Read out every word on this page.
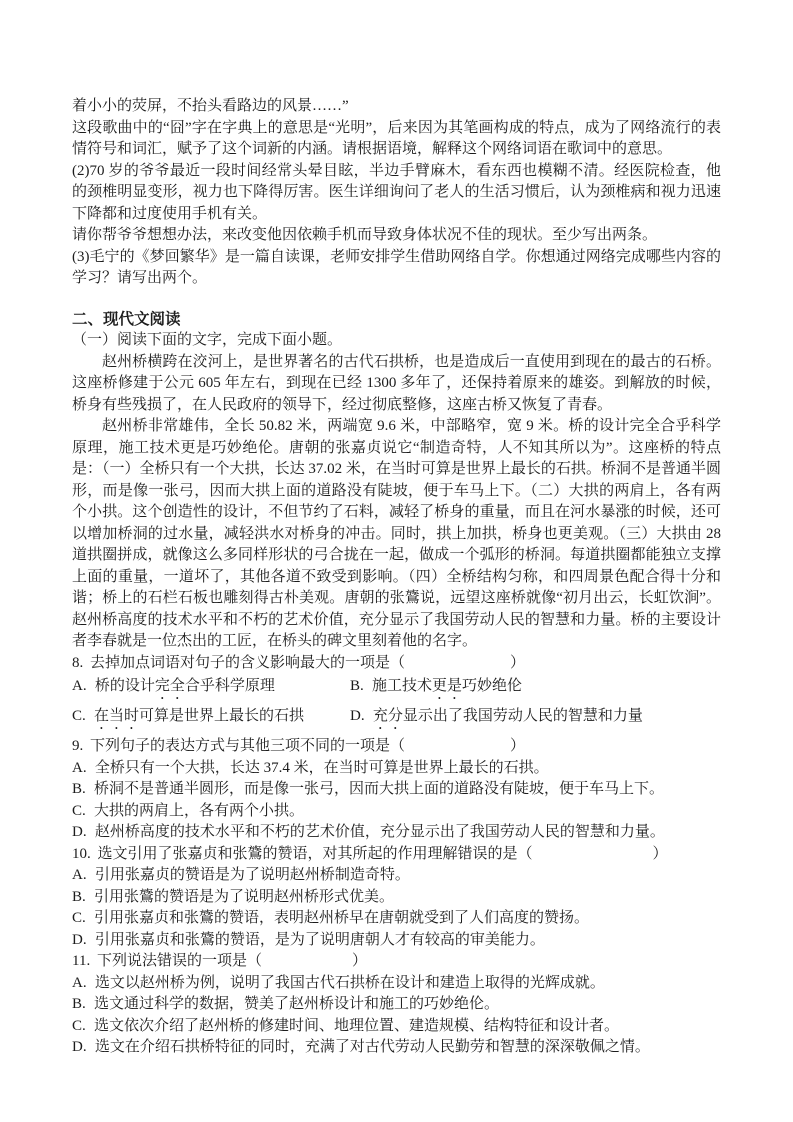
着小小的荧屏，不抬头看路边的风景……”

这段歌曲中的“囧”字在字典上的意思是“光明”，后来因为其笔画构成的特点，成为了网络流行的表情符号和词汇，赋予了这个词新的内涵。请根据语境，解释这个网络词语在歌词中的意思。

(2)70 岁的爷爷最近一段时间经常头晕目眩，半边手臂麻木，看东西也模糊不清。经医院检查，他的颈椎明显变形，视力也下降得厉害。医生详细询问了老人的生活习惯后，认为颈椎病和视力迅速下降都和过度使用手机有关。

请你帮爷爷想想办法，来改变他因依赖手机而导致身体状况不佳的现状。至少写出两条。

(3)毛宁的《梦回繁华》是一篇自读课，老师安排学生借助网络自学。你想通过网络完成哪些内容的学习？请写出两个。

二、现代文阅读

（一）阅读下面的文字，完成下面小题。

赵州桥横跨在洨河上，是世界著名的古代石拱桥，也是造成后一直使用到现在的最古的石桥。这座桥修建于公元 605 年左右，到现在已经 1300 多年了，还保持着原来的雄姿。到解放的时候，桥身有些残损了，在人民政府的领导下，经过彻底整修，这座古桥又恢复了青春。

赵州桥非常雄伟，全长 50.82 米，两端宽 9.6 米，中部略窄，宽 9 米。桥的设计完全合乎科学原理，施工技术更是巧妙绝伦。唐朝的张嘉贞说它“制造奇特，人不知其所以为”。这座桥的特点是：（一）全桥只有一个大拱，长达 37.02 米，在当时可算是世界上最长的石拱。桥洞不是普通半圆形，而是像一张弓，因而大拱上面的道路没有陡坡，便于车马上下。（二）大拱的两肩上，各有两个小拱。这个创造性的设计，不但节约了石料，减轻了桥身的重量，而且在河水暴涨的时候，还可以增加桥洞的过水量，减轻洪水对桥身的冲击。同时，拱上加拱，桥身也更美观。（三）大拱由 28 道拱圈拼成，就像这么多同样形状的弓合拢在一起，做成一个弧形的桥洞。每道拱圈都能独立支撑上面的重量，一道坏了，其他各道不致受到影响。（四）全桥结构匀称，和四周景色配合得十分和谐；桥上的石栏石板也雕刻得古朴美观。唐朝的张鷟说，远望这座桥就像“初月出云，长虹饮涧”。赵州桥高度的技术水平和不朽的艺术价值，充分显示了我国劳动人民的智慧和力量。桥的主要设计者李春就是一位杰出的工匠，在桥头的碑文里刻着他的名字。

8. 去掉加点词语对句子的含义影响最大的一项是（　　　　　　　）

A. 桥的设计完全合乎科学原理	B. 施工技术更是巧妙绝伦

C. 在当时可算是世界上最长的石拱	D. 充分显示出了我国劳动人民的智慧和力量

9. 下列句子的表达方式与其他三项不同的一项是（　　　　　　　）

A. 全桥只有一个大拱，长达 37.4 米，在当时可算是世界上最长的石拱。

B. 桥洞不是普通半圆形，而是像一张弓，因而大拱上面的道路没有陡坡，便于车马上下。

C. 大拱的两肩上，各有两个小拱。

D. 赵州桥高度的技术水平和不朽的艺术价值，充分显示出了我国劳动人民的智慧和力量。

10. 选文引用了张嘉贞和张鷟的赞语，对其所起的作用理解错误的是（　　　　　　　　）

A. 引用张嘉贞的赞语是为了说明赵州桥制造奇特。

B. 引用张鷟的赞语是为了说明赵州桥形式优美。

C. 引用张嘉贞和张鷟的赞语，表明赵州桥早在唐朝就受到了人们高度的赞扬。

D. 引用张嘉贞和张鷟的赞语，是为了说明唐朝人才有较高的审美能力。

11. 下列说法错误的一项是（　　　　　　）

A. 选文以赵州桥为例，说明了我国古代石拱桥在设计和建造上取得的光辉成就。

B. 选文通过科学的数据，赞美了赵州桥设计和施工的巧妙绝伦。

C. 选文依次介绍了赵州桥的修建时间、地理位置、建造规模、结构特征和设计者。

D. 选文在介绍石拱桥特征的同时，充满了对古代劳动人民勤劳和智慧的深深敬佩之情。
